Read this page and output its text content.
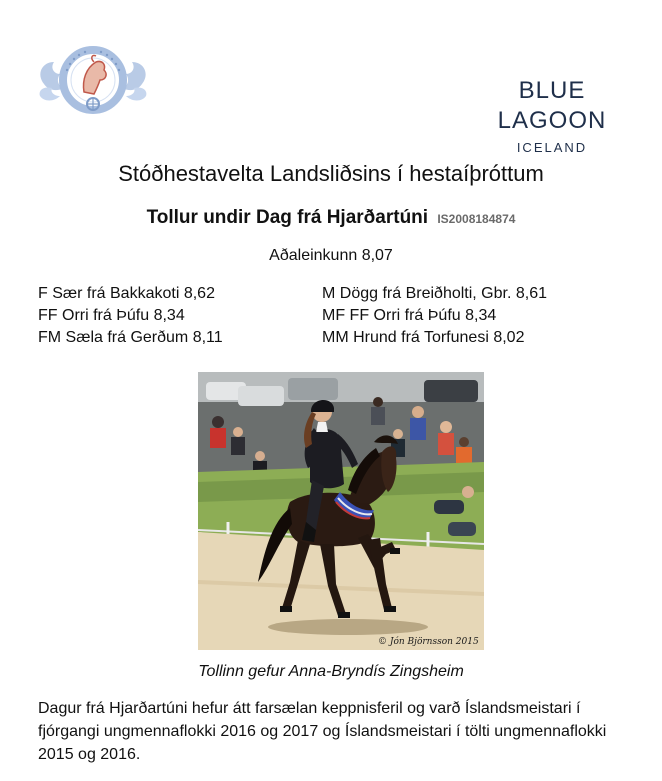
BLUE LAGOON
ICELAND
Stóðhestavelta Landsliðsins í hestaíþróttum
Tollur undir Dag frá Hjarðartúni IS2008184874
Aðaleinkunn 8,07
F Sær frá Bakkakoti 8,62
FF Orri frá Þúfu 8,34
FM Sæla frá Gerðum 8,11
M Dögg frá Breiðholti, Gbr. 8,61
MF FF Orri frá Þúfu 8,34
MM Hrund frá Torfunesi 8,02
© Jón Björnsson 2015
Tollinn gefur Anna-Bryndís Zingsheim
Dagur frá Hjarðartúni hefur átt farsælan keppnisferil og varð Íslandsmeistari í fjórgangi ungmennaflokki 2016 og 2017 og Íslandsmeistari í tölti ungmennaflokki 2015 og 2016.
